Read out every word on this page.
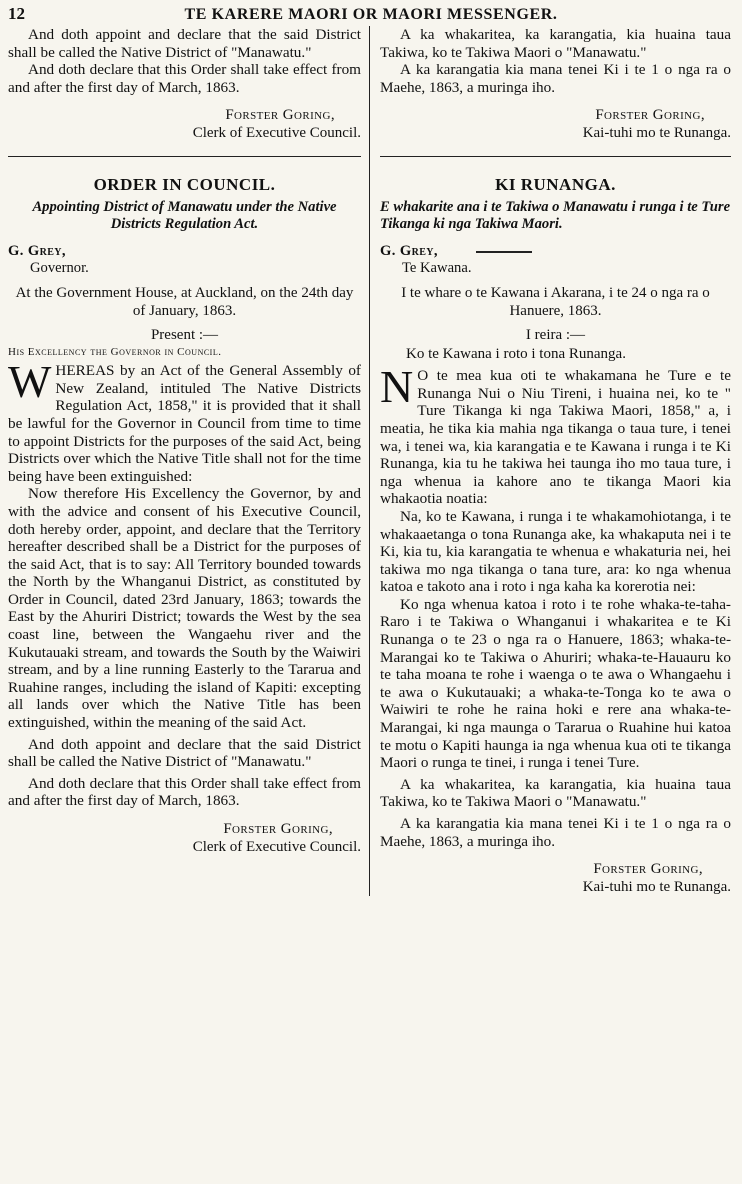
12	TE KARERE MAORI OR MAORI MESSENGER.

And doth appoint and declare that the said District shall be called the Native District of "Manawatu."

And doth declare that this Order shall take effect from and after the first day of March, 1863.

Forster Goring,
Clerk of Executive Council.

A ka whakaritea, ka karangatia, kia huaina taua Takiwa, ko te Takiwa Maori o "Manawatu."

A ka karangatia kia mana tenei Ki i te 1 o nga ra o Maehe, 1863, a muringa iho.

Forster Goring,
Kai-tuhi mo te Runanga.
ORDER IN COUNCIL.
Appointing District of Manawatu under the Native Districts Regulation Act.
G. Grey,
Governor.
At the Government House, at Auckland, on the 24th day of January, 1863.
Present :—
His Excellency the Governor in Council.

WHEREAS by an Act of the General Assembly of New Zealand, intituled The Native Districts Regulation Act, 1858," it is provided that it shall be lawful for the Governor in Council from time to time to appoint Districts for the purposes of the said Act, being Districts over which the Native Title shall not for the time being have been extinguished:

Now therefore His Excellency the Governor, by and with the advice and consent of his Executive Council, doth hereby order, appoint, and declare that the Territory hereafter described shall be a District for the purposes of the said Act, that is to say: All Territory bounded towards the North by the Whanganui District, as constituted by Order in Council, dated 23rd January, 1863; towards the East by the Ahuriri District; towards the West by the sea coast line, between the Wangaehu river and the Kukutauaki stream, and towards the South by the Waiwiri stream, and by a line running Easterly to the Tararua and Ruahine ranges, including the island of Kapiti: excepting all lands over which the Native Title has been extinguished, within the meaning of the said Act.

And doth appoint and declare that the said District shall be called the Native District of "Manawatu."

And doth declare that this Order shall take effect from and after the first day of March, 1863.

Forster Goring,
Clerk of Executive Council.
KI RUNANGA.
E whakarite ana i te Takiwa o Manawatu i runga i te Ture Tikanga ki nga Takiwa Maori.
G. Grey,
Te Kawana.
I te whare o te Kawana i Akarana, i te 24 o nga ra o Hanuere, 1863.
I reira :—
Ko te Kawana i roto i tona Runanga.

N O te mea kua oti te whakamana he Ture e te Runanga Nui o Niu Tireni, i huaina nei, ko te " Ture Tikanga ki nga Takiwa Maori, 1858," a, i meatia, he tika kia mahia nga tikanga o taua ture, i tenei wa, i tenei wa, kia karangatia e te Kawana i runga i te Ki Runanga, kia tu he takiwa hei taunga iho mo taua ture, i nga whenua ia kahore ano te tikanga Maori kia whakaotia noatia:

Na, ko te Kawana, i runga i te whakamohiotanga, i te whakaaetanga o tona Runanga ake, ka whakaputa nei i te Ki, kia tu, kia karangatia te whenua e whakaturia nei, hei takiwa mo nga tikanga o tana ture, ara: ko nga whenua katoa e takoto ana i roto i nga kaha ka korerotia nei:

Ko nga whenua katoa i roto i te rohe whaka-te-taha-Raro i te Takiwa o Whanganui i whakaritea e te Ki Runanga o te 23 o nga ra o Hanuere, 1863; whaka-te-Marangai ko te Takiwa o Ahuriri; whaka-te-Hauauru ko te taha moana te rohe i waenga o te awa o Whangaehu i te awa o Kukutauaki; a whaka-te-Tonga ko te awa o Waiwiri te rohe he raina hoki e rere ana whaka-te-Marangai, ki nga maunga o Tararua o Ruahine hui katoa te motu o Kapiti haunga ia nga whenua kua oti te tikanga Maori o runga te tinei, i runga i tenei Ture.

A ka whakaritea, ka karangatia, kia huaina taua Takiwa, ko te Takiwa Maori o "Manawatu."

A ka karangatia kia mana tenei Ki i te 1 o nga ra o Maehe, 1863, a muringa iho.

Forster Goring,
Kai-tuhi mo te Runanga.
